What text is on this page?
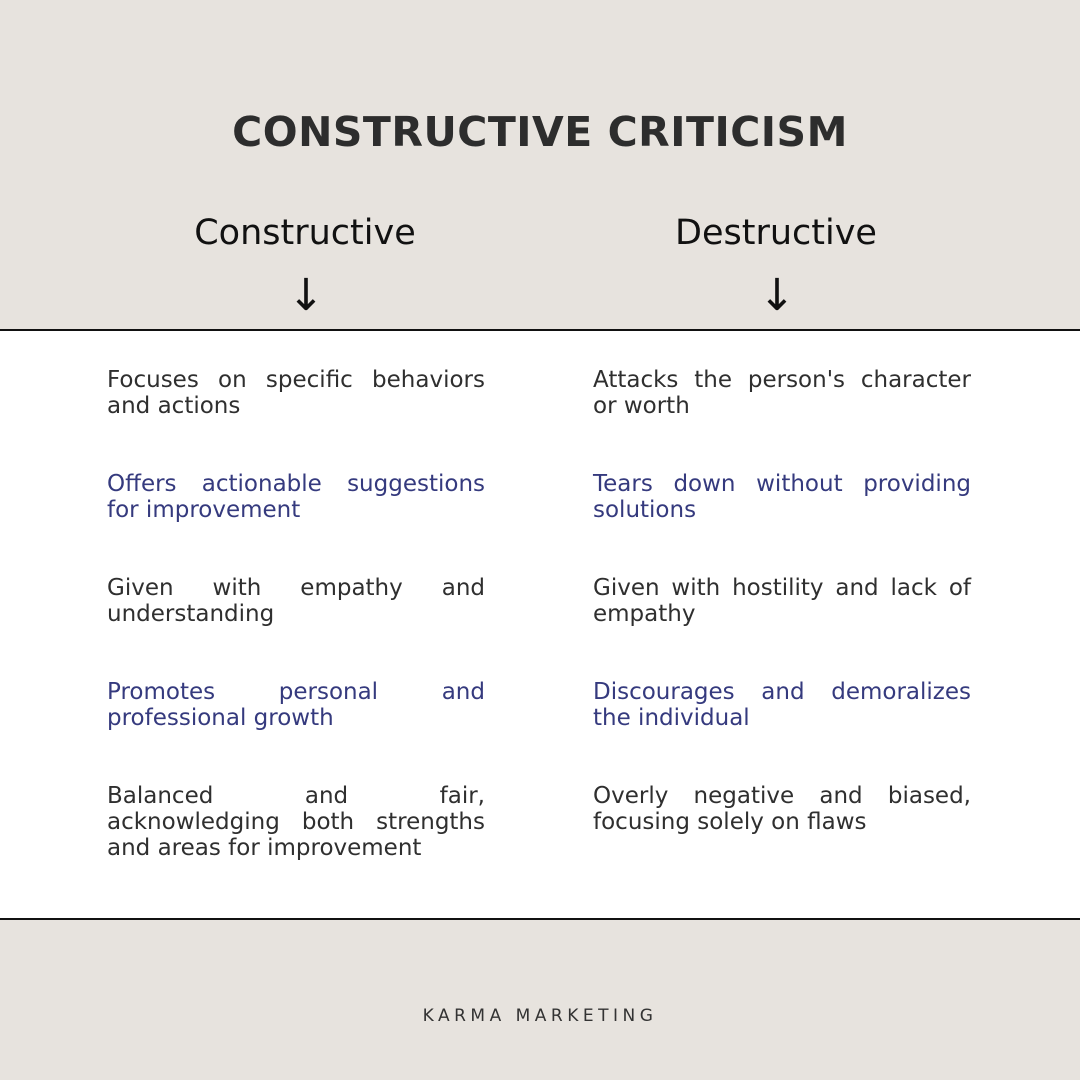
CONSTRUCTIVE CRITICISM
Constructive	Destructive
↓	↓
Focuses on specific behaviors and actions
Offers actionable suggestions for improvement
Given with empathy and understanding
Promotes personal and professional growth
Balanced and fair, acknowledging both strengths and areas for improvement
Attacks the person's character or worth
Tears down without providing solutions
Given with hostility and lack of empathy
Discourages and demoralizes the individual
Overly negative and biased, focusing solely on flaws
KARMA MARKETING
